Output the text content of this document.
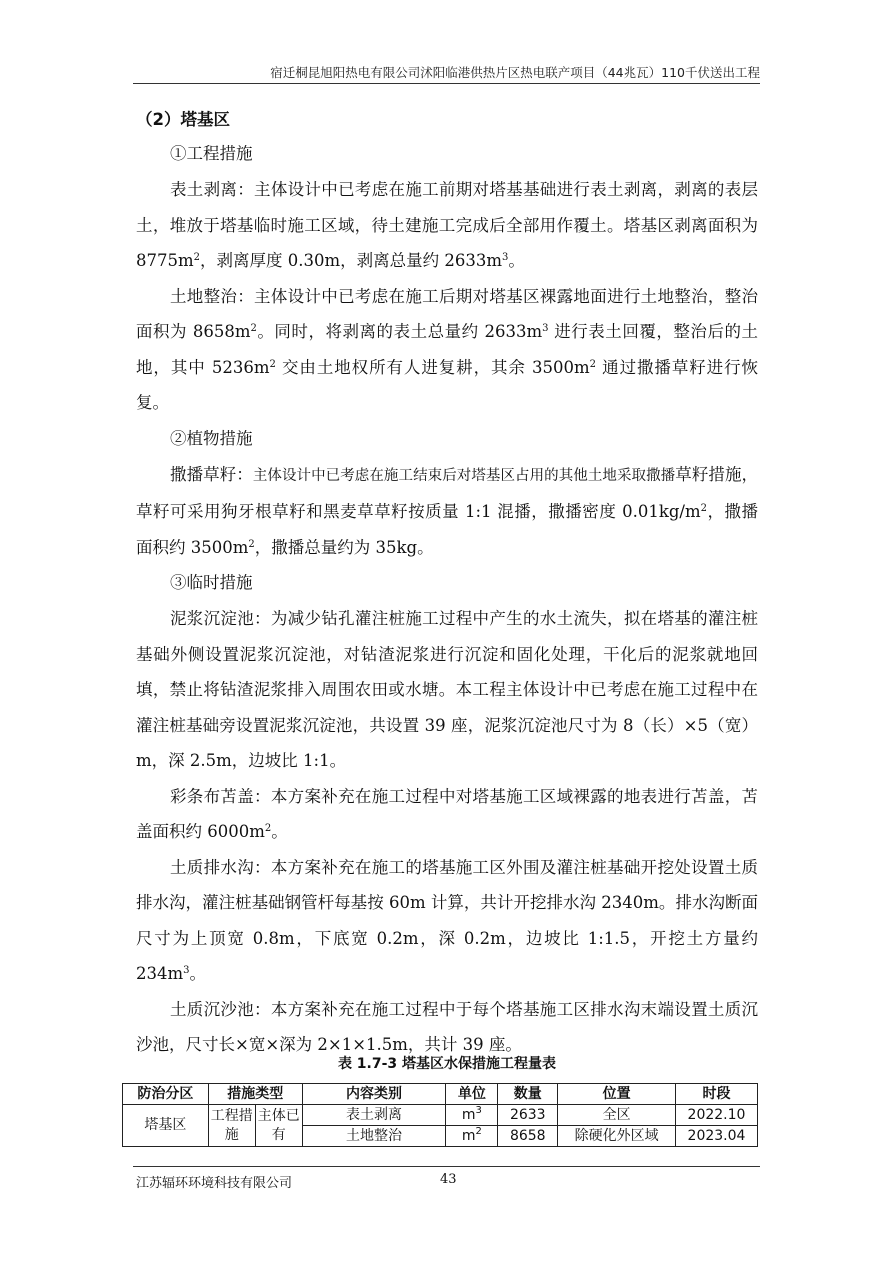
宿迁桐昆旭阳热电有限公司沭阳临港供热片区热电联产项目（44兆瓦）110千伏送出工程
（2）塔基区
①工程措施

表土剥离：主体设计中已考虑在施工前期对塔基基础进行表土剥离，剥离的表层土，堆放于塔基临时施工区域，待土建施工完成后全部用作覆土。塔基区剥离面积为 $8775m^2$，剥离厚度 0.30m，剥离总量约 $2633m^3$。

土地整治：主体设计中已考虑在施工后期对塔基区裸露地面进行土地整治，整治面积为 $8658m^2$。同时，将剥离的表土总量约 $2633m^3$ 进行表土回覆，整治后的土地，其中 $5236m^2$ 交由土地权所有人进复耕，其余 $3500m^2$ 通过撒播草籽进行恢复。

②植物措施

撒播草籽：主体设计中已考虑在施工结束后对塔基区占用的其他土地采取撒播草籽措施，草籽可采用狗牙根草籽和黑麦草草籽按质量 1:1 混播，撒播密度 $0.01kg/m^2$，撒播面积约 $3500m^2$，撒播总量约为 35kg。

③临时措施

泥浆沉淀池：为减少钻孔灌注桩施工过程中产生的水土流失，拟在塔基的灌注桩基础外侧设置泥浆沉淀池，对钻渣泥浆进行沉淀和固化处理，干化后的泥浆就地回填，禁止将钻渣泥浆排入周围农田或水塘。本工程主体设计中已考虑在施工过程中在灌注桩基础旁设置泥浆沉淀池，共设置 39 座，泥浆沉淀池尺寸为 8（长）×5（宽）m，深 2.5m，边坡比 1:1。

彩条布苫盖：本方案补充在施工过程中对塔基施工区域裸露的地表进行苫盖，苫盖面积约 $6000m^2$。

土质排水沟：本方案补充在施工的塔基施工区外围及灌注桩基础开挖处设置土质排水沟，灌注桩基础钢管杆每基按 60m 计算，共计开挖排水沟 2340m。排水沟断面尺寸为上顶宽 0.8m，下底宽 0.2m，深 0.2m，边坡比 1:1.5，开挖土方量约 $234m^3$。

土质沉沙池：本方案补充在施工过程中于每个塔基施工区排水沟末端设置土质沉沙池，尺寸长×宽×深为 2×1×1.5m，共计 39 座。

表 1.7-3 塔基区水保措施工程量表
防治分区	措施类型		内容类别	单位	数量	位置	时段
塔基区	工程措施	主体已有	表土剥离	$m^3$	2633	全区	2022.10
			土地整治	$m^2$	8658	除硬化外区域	2023.04
江苏辐环环境科技有限公司	43
